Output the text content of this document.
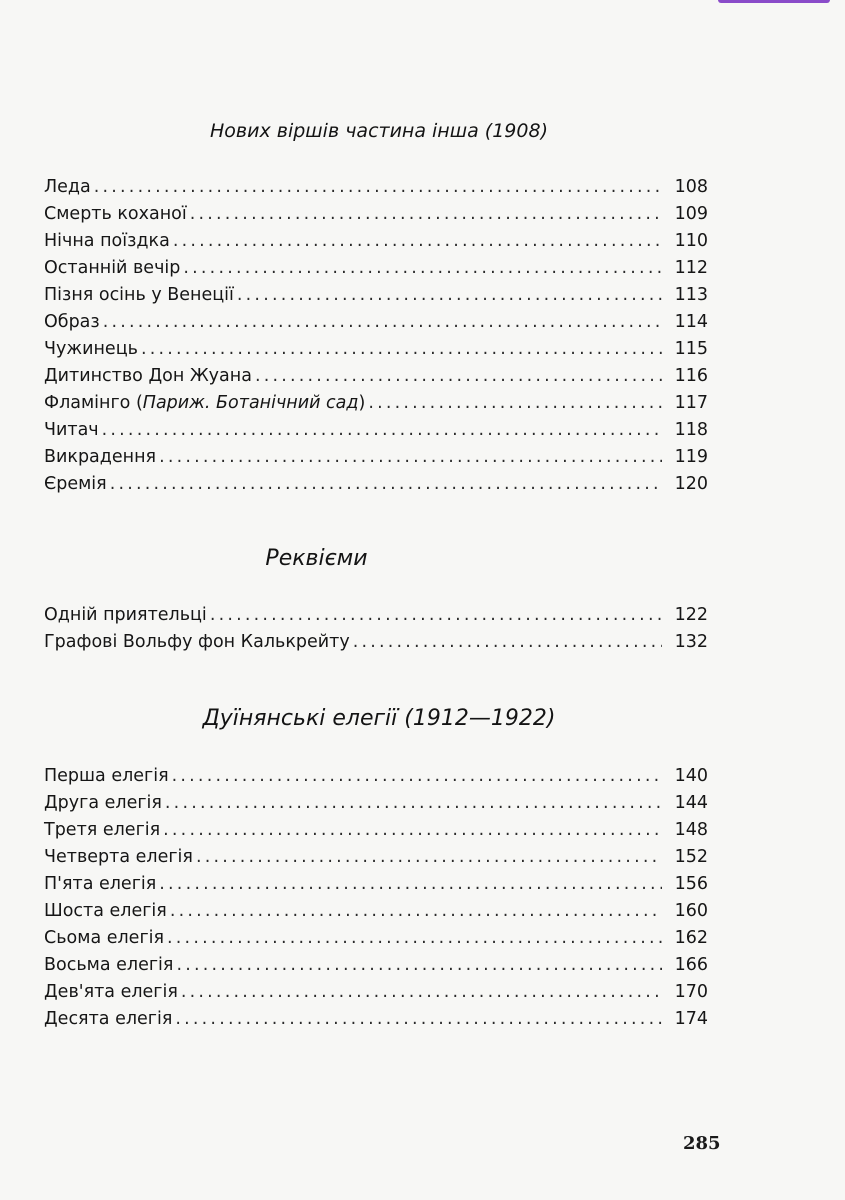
Нових віршів частина інша (1908)
Леда .....	108
Смерть коханої .....	109
Нічна поїздка .....	110
Останній вечір .....	112
Пізня осінь у Венеції .....	113
Образ .....	114
Чужинець .....	115
Дитинство Дон Жуана .....	116
Фламінго (Париж. Ботанічний сад) .....	117
Читач .....	118
Викрадення .....	119
Єремія .....	120
Реквієми
Одній приятельці .....	122
Графові Вольфу фон Калькрейту .....	132
Дуїнянські елегії (1912—1922)
Перша елегія .....	140
Друга елегія .....	144
Третя елегія .....	148
Четверта елегія .....	152
П'ята елегія .....	156
Шоста елегія .....	160
Сьома елегія .....	162
Восьма елегія .....	166
Дев'ята елегія .....	170
Десята елегія .....	174
285
